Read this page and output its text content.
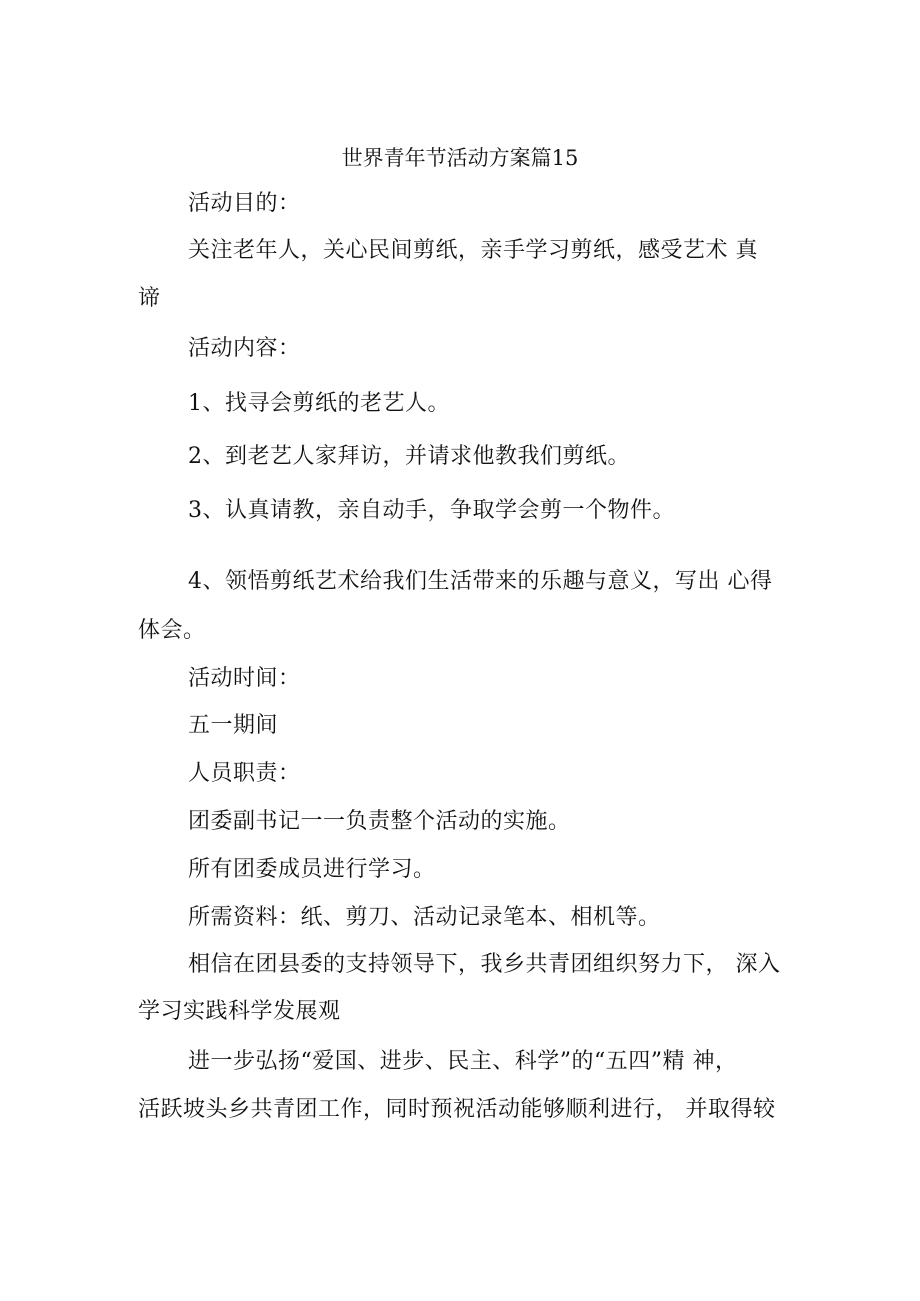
世界青年节活动方案篇15
活动目的：
关注老年人，关心民间剪纸，亲手学习剪纸，感受艺术 真
谛
活动内容：
1、找寻会剪纸的老艺人。
2、到老艺人家拜访，并请求他教我们剪纸。
3、认真请教，亲自动手，争取学会剪一个物件。
4、领悟剪纸艺术给我们生活带来的乐趣与意义，写出 心得
体会。
活动时间：
五一期间
人员职责：
团委副书记一一负责整个活动的实施。
所有团委成员进行学习。
所需资料：纸、剪刀、活动记录笔本、相机等。
相信在团县委的支持领导下，我乡共青团组织努力下， 深入
学习实践科学发展观
进一步弘扬“爱国、进步、民主、科学”的“五四”精 神，
活跃坡头乡共青团工作，同时预祝活动能够顺利进行， 并取得较
